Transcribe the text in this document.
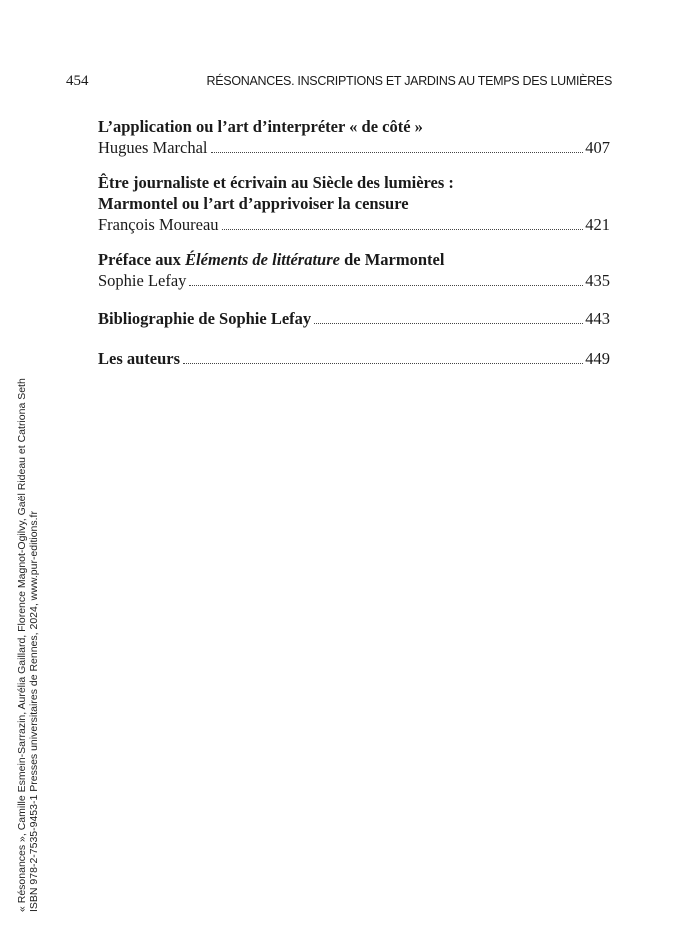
454	RÉSONANCES. INSCRIPTIONS ET JARDINS AU TEMPS DES LUMIÈRES
L’application ou l’art d’interpréter « de côté »
Hugues Marchal	407
Être journaliste et écrivain au Siècle des lumières :
Marmontel ou l’art d’apprivoiser la censure
François Moureau	421
Préface aux Éléments de littérature de Marmontel
Sophie Lefay	435
Bibliographie de Sophie Lefay	443
Les auteurs	449
« Résonances », Camille Esmein-Sarrazin, Aurélia Gaillard, Florence Magnot-Ogilvy, Gaël Rideau et Catriona Seth ISBN 978-2-7535-9453-1 Presses universitaires de Rennes, 2024, www.pur-editions.fr
